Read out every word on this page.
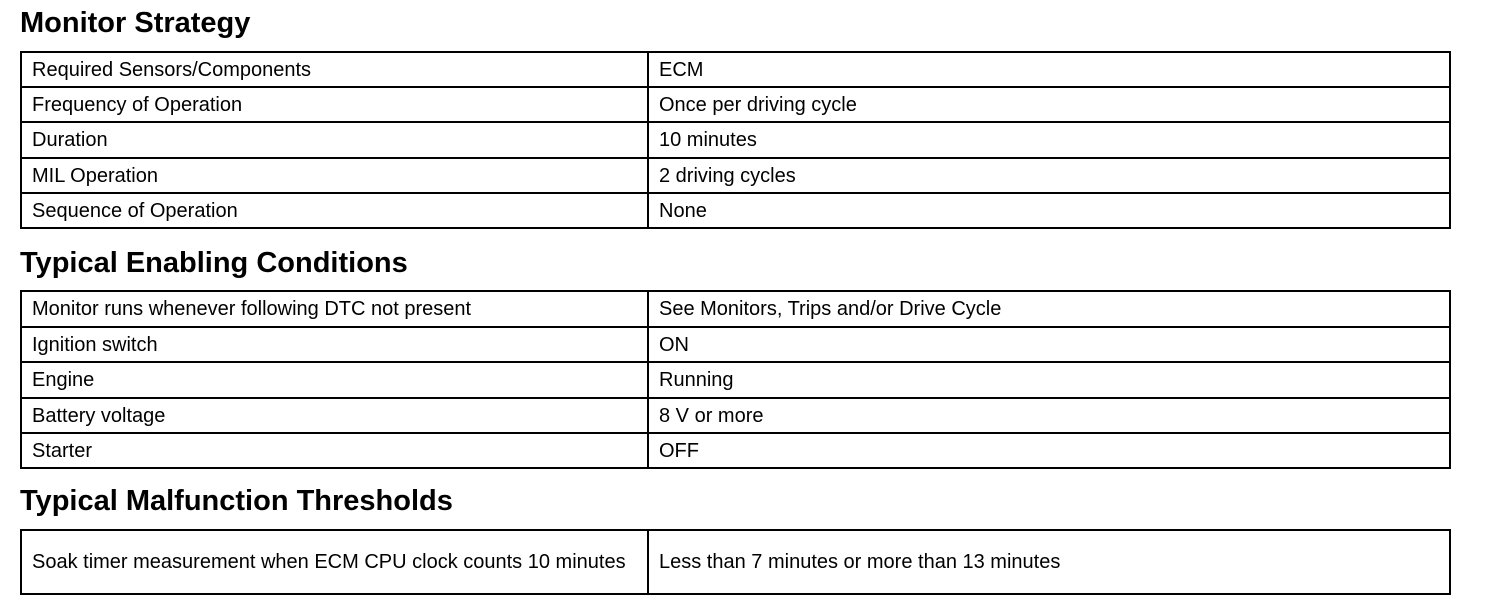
Monitor Strategy
Required Sensors/Components	ECM
Frequency of Operation	Once per driving cycle
Duration	10 minutes
MIL Operation	2 driving cycles
Sequence of Operation	None
Typical Enabling Conditions
Monitor runs whenever following DTC not present	See Monitors, Trips and/or Drive Cycle
Ignition switch	ON
Engine	Running
Battery voltage	8 V or more
Starter	OFF
Typical Malfunction Thresholds
Soak timer measurement when ECM CPU clock counts 10 minutes	Less than 7 minutes or more than 13 minutes
